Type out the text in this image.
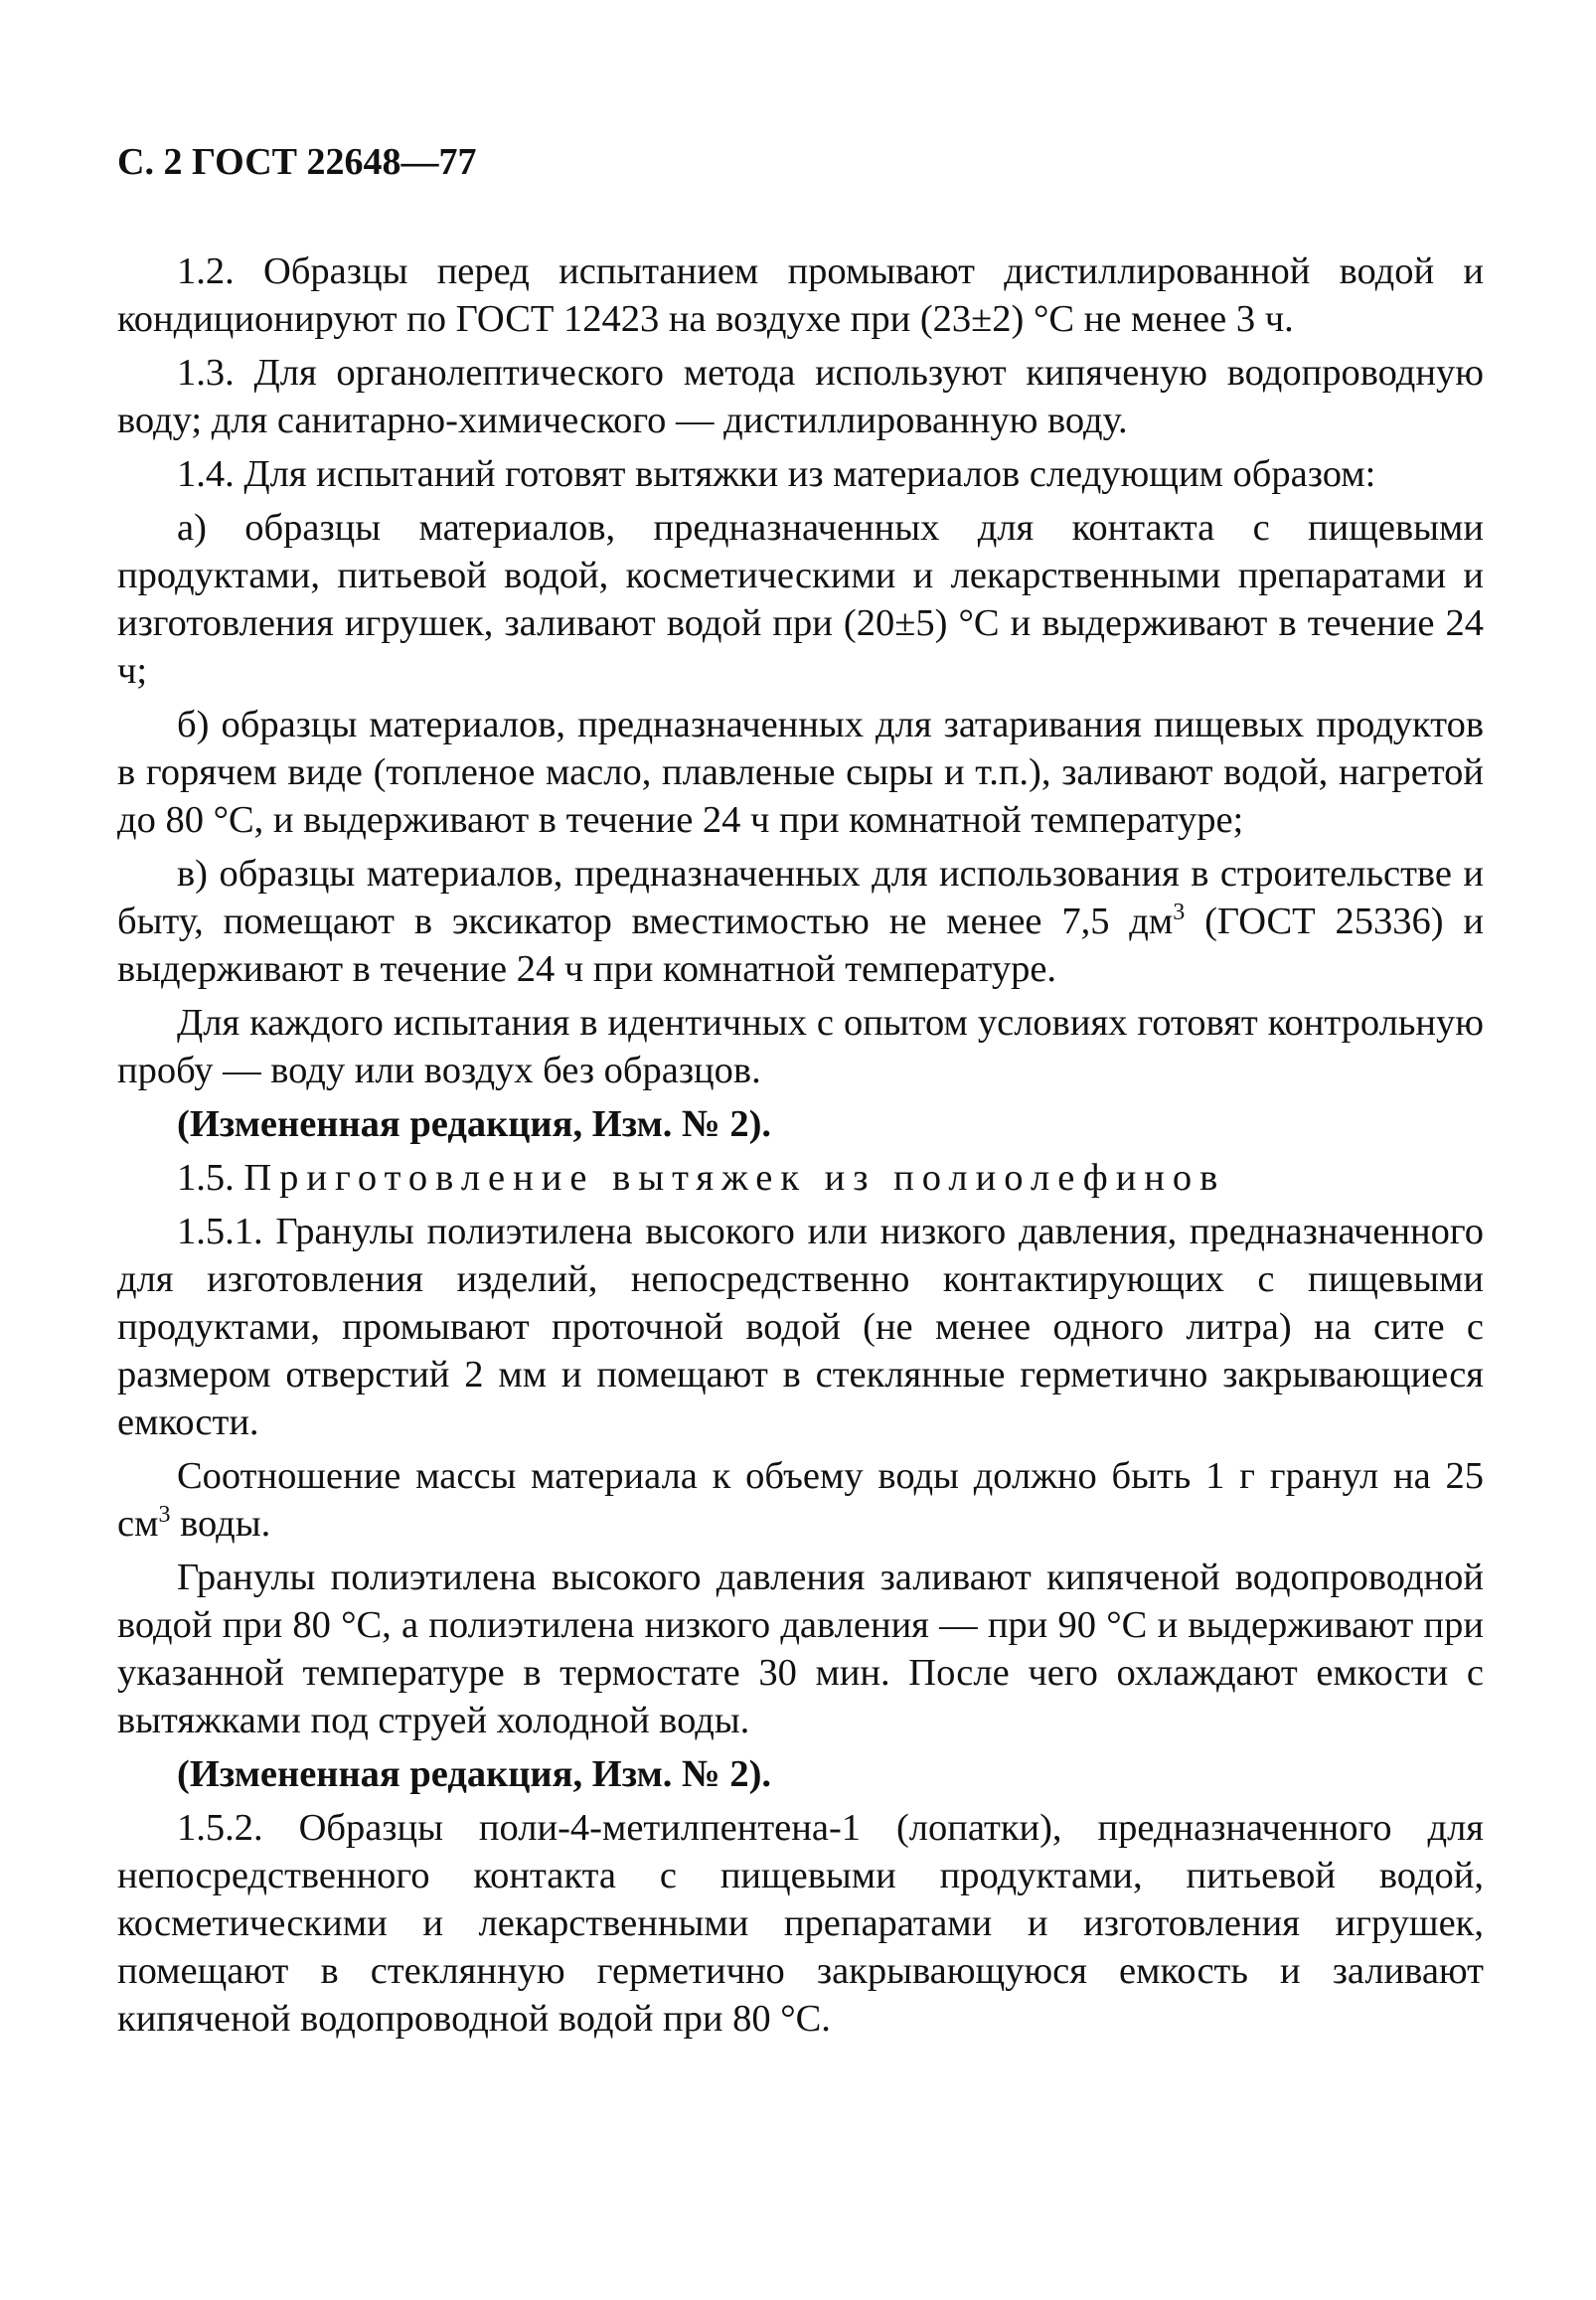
С. 2 ГОСТ 22648—77

1.2. Образцы перед испытанием промывают дистиллированной водой и кондиционируют по ГОСТ 12423 на воздухе при (23±2) °С не менее 3 ч.

1.3. Для органолептического метода используют кипяченую водопроводную воду; для санитарно-химического — дистиллированную воду.

1.4. Для испытаний готовят вытяжки из материалов следующим образом:

а) образцы материалов, предназначенных для контакта с пищевыми продуктами, питьевой водой, косметическими и лекарственными препаратами и изготовления игрушек, заливают водой при (20±5) °С и выдерживают в течение 24 ч;

б) образцы материалов, предназначенных для затаривания пищевых продуктов в горячем виде (топленое масло, плавленые сыры и т.п.), заливают водой, нагретой до 80 °С, и выдерживают в течение 24 ч при комнатной температуре;

в) образцы материалов, предназначенных для использования в строительстве и быту, помещают в эксикатор вместимостью не менее 7,5 $дм^3$ (ГОСТ 25336) и выдерживают в течение 24 ч при комнатной температуре.

Для каждого испытания в идентичных с опытом условиях готовят контрольную пробу — воду или воздух без образцов.

(Измененная редакция, Изм. № 2).

1.5. Приготовление вытяжек из полиолефинов

1.5.1. Гранулы полиэтилена высокого или низкого давления, предназначенного для изготовления изделий, непосредственно контактирующих с пищевыми продуктами, промывают проточной водой (не менее одного литра) на сите с размером отверстий 2 мм и помещают в стеклянные герметично закрывающиеся емкости.

Соотношение массы материала к объему воды должно быть 1 г гранул на 25 $см^3$ воды.

Гранулы полиэтилена высокого давления заливают кипяченой водопроводной водой при 80 °С, а полиэтилена низкого давления — при 90 °С и выдерживают при указанной температуре в термостате 30 мин. После чего охлаждают емкости с вытяжками под струей холодной воды.

(Измененная редакция, Изм. № 2).

1.5.2. Образцы поли-4-метилпентена-1 (лопатки), предназначенного для непосредственного контакта с пищевыми продуктами, питьевой водой, косметическими и лекарственными препаратами и изготовления игрушек, помещают в стеклянную герметично закрывающуюся емкость и заливают кипяченой водопроводной водой при 80 °С.
